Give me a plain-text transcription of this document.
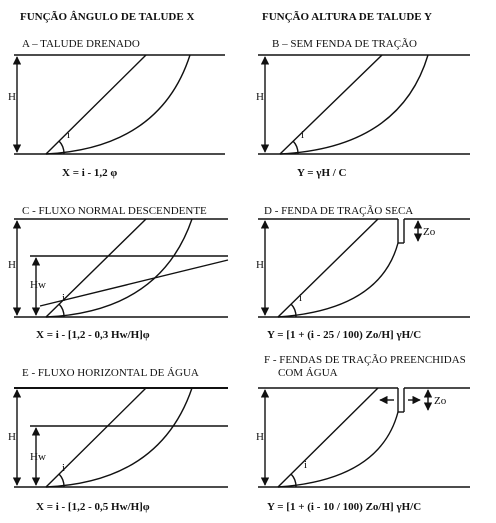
FUNÇÃO ÂNGULO DE TALUDE X	FUNÇÃO ALTURA DE TALUDE Y
A – TALUDE DRENADO
H
i
X = i - 1,2 φ
B – SEM FENDA DE TRAÇÃO
H
i
Y = γH / C
C - FLUXO NORMAL DESCENDENTE
H
Hw
i
X = i - [1,2 - 0,3 Hw/H]φ
D - FENDA DE TRAÇÃO SECA
Zo
H
i
Y = [1 + (i - 25 / 100) Zo/H] γH/C
E - FLUXO HORIZONTAL DE ÁGUA
H
Hw
i
X = i - [1,2 - 0,5 Hw/H]φ
F - FENDAS DE TRAÇÃO PREENCHIDAS COM ÁGUA
Zo
H
i
Y = [1 + (i - 10 / 100) Zo/H] γH/C
